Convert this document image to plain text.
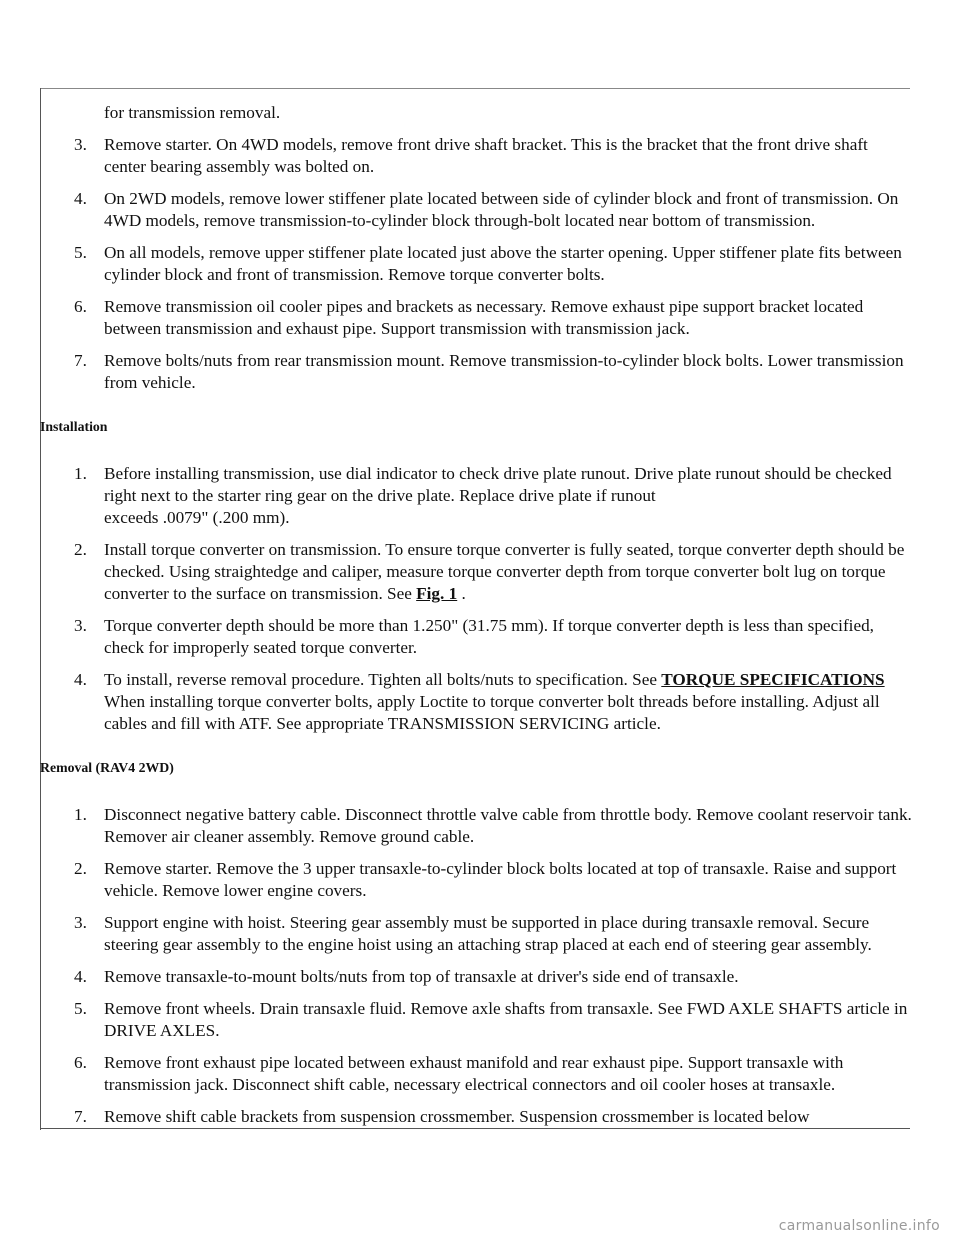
for transmission removal.

3. Remove starter. On 4WD models, remove front drive shaft bracket. This is the bracket that the front drive shaft center bearing assembly was bolted on.
4. On 2WD models, remove lower stiffener plate located between side of cylinder block and front of transmission. On 4WD models, remove transmission-to-cylinder block through-bolt located near bottom of transmission.
5. On all models, remove upper stiffener plate located just above the starter opening. Upper stiffener plate fits between cylinder block and front of transmission. Remove torque converter bolts.
6. Remove transmission oil cooler pipes and brackets as necessary. Remove exhaust pipe support bracket located between transmission and exhaust pipe. Support transmission with transmission jack.
7. Remove bolts/nuts from rear transmission mount. Remove transmission-to-cylinder block bolts. Lower transmission from vehicle.
Installation
1. Before installing transmission, use dial indicator to check drive plate runout. Drive plate runout should be checked right next to the starter ring gear on the drive plate. Replace drive plate if runout
exceeds .0079" (.200 mm).
2. Install torque converter on transmission. To ensure torque converter is fully seated, torque converter depth should be checked. Using straightedge and caliper, measure torque converter depth from torque converter bolt lug on torque converter to the surface on transmission. See Fig. 1 .
3. Torque converter depth should be more than 1.250" (31.75 mm). If torque converter depth is less than specified, check for improperly seated torque converter.
4. To install, reverse removal procedure. Tighten all bolts/nuts to specification. See TORQUE SPECIFICATIONS When installing torque converter bolts, apply Loctite to torque converter bolt threads before installing. Adjust all cables and fill with ATF. See appropriate TRANSMISSION SERVICING article.
Removal (RAV4 2WD)
1. Disconnect negative battery cable. Disconnect throttle valve cable from throttle body. Remove coolant reservoir tank. Remover air cleaner assembly. Remove ground cable.
2. Remove starter. Remove the 3 upper transaxle-to-cylinder block bolts located at top of transaxle. Raise and support vehicle. Remove lower engine covers.
3. Support engine with hoist. Steering gear assembly must be supported in place during transaxle removal. Secure steering gear assembly to the engine hoist using an attaching strap placed at each end of steering gear assembly.
4. Remove transaxle-to-mount bolts/nuts from top of transaxle at driver's side end of transaxle.
5. Remove front wheels. Drain transaxle fluid. Remove axle shafts from transaxle. See FWD AXLE SHAFTS article in DRIVE AXLES.
6. Remove front exhaust pipe located between exhaust manifold and rear exhaust pipe. Support transaxle with transmission jack. Disconnect shift cable, necessary electrical connectors and oil cooler hoses at transaxle.
7. Remove shift cable brackets from suspension crossmember. Suspension crossmember is located below
carmanualsonline.info
